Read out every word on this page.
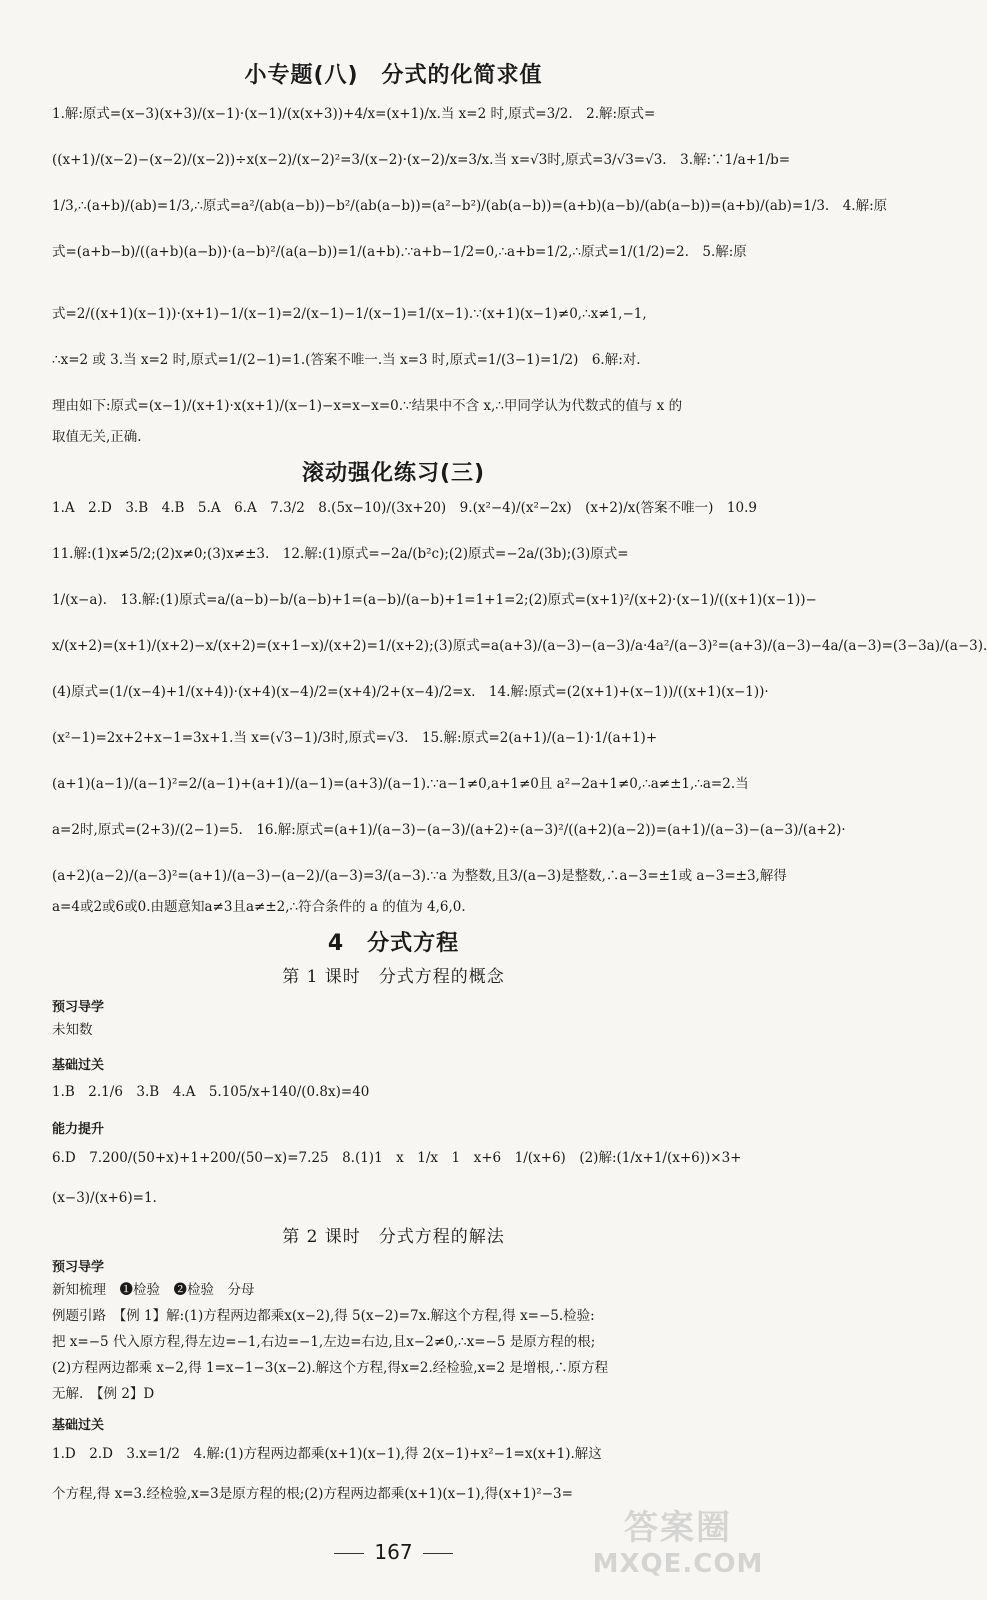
小专题(八)　分式的化简求值
1.解:原式=(x−3)(x+3)/(x−1)·(x−1)/(x(x+3))+4/x=(x+1)/x.当 x=2 时,原式=3/2.　2.解:原式=
((x+1)/(x−2)−(x−2)/(x−2))÷x(x−2)/(x−2)²=3/(x−2)·(x−2)/x=3/x.当 x=√3时,原式=3/√3=√3.　3.解:∵1/a+1/b=
1/3,∴(a+b)/(ab)=1/3,∴原式=a²/(ab(a−b))−b²/(ab(a−b))=(a²−b²)/(ab(a−b))=(a+b)(a−b)/(ab(a−b))=(a+b)/(ab)=1/3.　4.解:原
式=(a+b−b)/((a+b)(a−b))·(a−b)²/(a(a−b))=1/(a+b).∵a+b−1/2=0,∴a+b=1/2,∴原式=1/(1/2)=2.　5.解:原
式=2/((x+1)(x−1))·(x+1)−1/(x−1)=2/(x−1)−1/(x−1)=1/(x−1).∵(x+1)(x−1)≠0,∴x≠1,−1,
∴x=2 或 3.当 x=2 时,原式=1/(2−1)=1.(答案不唯一.当 x=3 时,原式=1/(3−1)=1/2)　6.解:对.
理由如下:原式=(x−1)/(x+1)·x(x+1)/(x−1)−x=x−x=0.∵结果中不含 x,∴甲同学认为代数式的值与 x 的
取值无关,正确.
滚动强化练习(三)
1.A　2.D　3.B　4.B　5.A　6.A　7.3/2　8.(5x−10)/(3x+20)　9.(x²−4)/(x²−2x)　(x+2)/x(答案不唯一)　10.9
11.解:(1)x≠5/2;(2)x≠0;(3)x≠±3.　12.解:(1)原式=−2a/(b²c);(2)原式=−2a/(3b);(3)原式=
1/(x−a).　13.解:(1)原式=a/(a−b)−b/(a−b)+1=(a−b)/(a−b)+1=1+1=2;(2)原式=(x+1)²/(x+2)·(x−1)/((x+1)(x−1))−
x/(x+2)=(x+1)/(x+2)−x/(x+2)=(x+1−x)/(x+2)=1/(x+2);(3)原式=a(a+3)/(a−3)−(a−3)/a·4a²/(a−3)²=(a+3)/(a−3)−4a/(a−3)=(3−3a)/(a−3).
(4)原式=(1/(x−4)+1/(x+4))·(x+4)(x−4)/2=(x+4)/2+(x−4)/2=x.　14.解:原式=(2(x+1)+(x−1))/((x+1)(x−1))·
(x²−1)=2x+2+x−1=3x+1.当 x=(√3−1)/3时,原式=√3.　15.解:原式=2(a+1)/(a−1)·1/(a+1)+
(a+1)(a−1)/(a−1)²=2/(a−1)+(a+1)/(a−1)=(a+3)/(a−1).∵a−1≠0,a+1≠0且 a²−2a+1≠0,∴a≠±1,∴a=2.当
a=2时,原式=(2+3)/(2−1)=5.　16.解:原式=(a+1)/(a−3)−(a−3)/(a+2)÷(a−3)²/((a+2)(a−2))=(a+1)/(a−3)−(a−3)/(a+2)·
(a+2)(a−2)/(a−3)²=(a+1)/(a−3)−(a−2)/(a−3)=3/(a−3).∵a 为整数,且3/(a−3)是整数,∴a−3=±1或 a−3=±3,解得
a=4或2或6或0.由题意知a≠3且a≠±2,∴符合条件的 a 的值为 4,6,0.
4　分式方程
第 1 课时　分式方程的概念
预习导学
未知数
基础过关
1.B　2.1/6　3.B　4.A　5.105/x+140/(0.8x)=40
能力提升
6.D　7.200/(50+x)+1+200/(50−x)=7.25　8.(1)1　x　1/x　1　x+6　1/(x+6)　(2)解:(1/x+1/(x+6))×3+
(x−3)/(x+6)=1.
第 2 课时　分式方程的解法
预习导学
新知梳理　❶检验　❷检验　分母
例题引路　【例 1】解:(1)方程两边都乘x(x−2),得 5(x−2)=7x.解这个方程,得 x=−5.检验:
把 x=−5 代入原方程,得左边=−1,右边=−1,左边=右边,且x−2≠0,∴x=−5 是原方程的根;
(2)方程两边都乘 x−2,得 1=x−1−3(x−2).解这个方程,得x=2.经检验,x=2 是增根,∴原方程
无解.　【例 2】D
基础过关
1.D　2.D　3.x=1/2　4.解:(1)方程两边都乘(x+1)(x−1),得 2(x−1)+x²−1=x(x+1).解这
个方程,得 x=3.经检验,x=3是原方程的根;(2)方程两边都乘(x+1)(x−1),得(x+1)²−3=
167
答案圈
MXQE.COM
